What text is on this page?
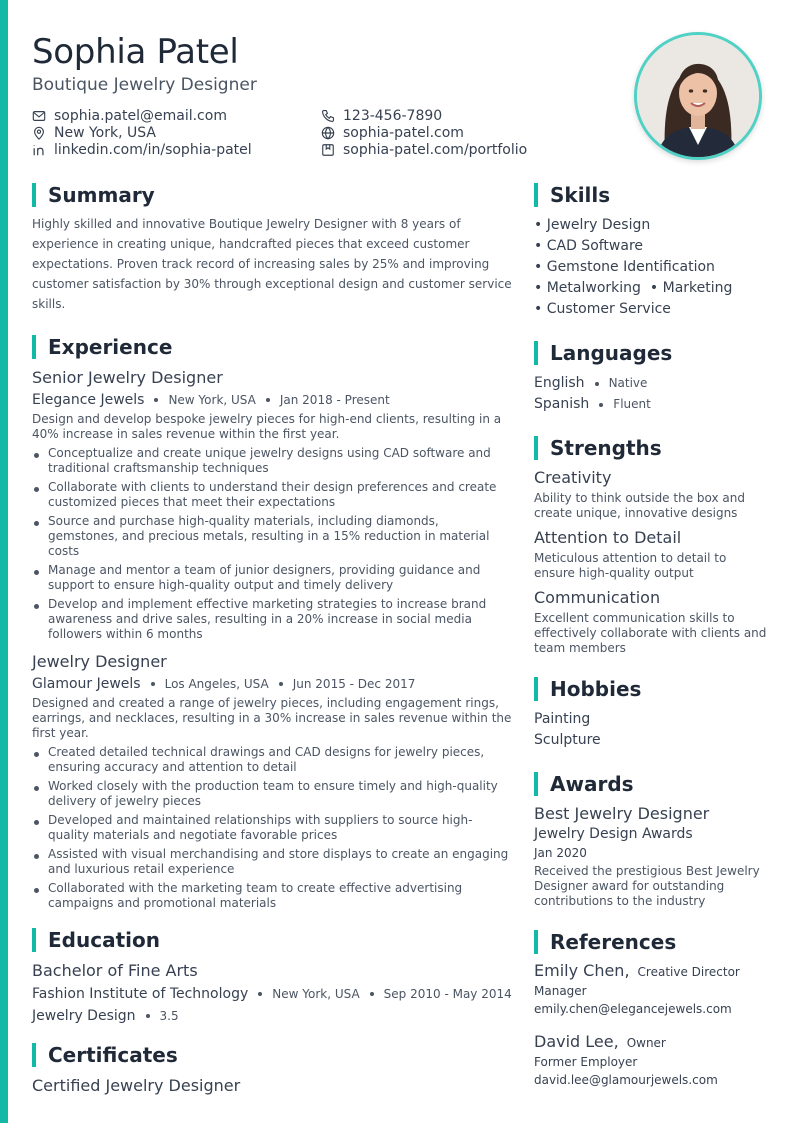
Sophia Patel
Boutique Jewelry Designer
sophia.patel@email.com	123-456-7890
New York, USA	sophia-patel.com
linkedin.com/in/sophia-patel	sophia-patel.com/portfolio
Summary

Highly skilled and innovative Boutique Jewelry Designer with 8 years of experience in creating unique, handcrafted pieces that exceed customer expectations. Proven track record of increasing sales by 25% and improving customer satisfaction by 30% through exceptional design and customer service skills.

Experience
Senior Jewelry Designer
Elegance Jewels New York, USA Jan 2018 - Present

Design and develop bespoke jewelry pieces for high-end clients, resulting in a 40% increase in sales revenue within the first year.

Conceptualize and create unique jewelry designs using CAD software and traditional craftsmanship techniques
Collaborate with clients to understand their design preferences and create customized pieces that meet their expectations
Source and purchase high-quality materials, including diamonds, gemstones, and precious metals, resulting in a 15% reduction in material costs
Manage and mentor a team of junior designers, providing guidance and support to ensure high-quality output and timely delivery
Develop and implement effective marketing strategies to increase brand awareness and drive sales, resulting in a 20% increase in social media followers within 6 months
Jewelry Designer
Glamour Jewels Los Angeles, USA Jun 2015 - Dec 2017

Designed and created a range of jewelry pieces, including engagement rings, earrings, and necklaces, resulting in a 30% increase in sales revenue within the first year.

Created detailed technical drawings and CAD designs for jewelry pieces, ensuring accuracy and attention to detail
Worked closely with the production team to ensure timely and high-quality delivery of jewelry pieces
Developed and maintained relationships with suppliers to source high-quality materials and negotiate favorable prices
Assisted with visual merchandising and store displays to create an engaging and luxurious retail experience
Collaborated with the marketing team to create effective advertising campaigns and promotional materials
Education
Bachelor of Fine Arts
Fashion Institute of Technology New York, USA Sep 2010 - May 2014
Jewelry Design 3.5
Certificates
Certified Jewelry Designer
Skills
• Jewelry Design
• CAD Software
• Gemstone Identification
• Metalworking • Marketing
• Customer Service
Languages
English Native
Spanish Fluent
Strengths
Creativity
Ability to think outside the box and create unique, innovative designs
Attention to Detail
Meticulous attention to detail to ensure high-quality output
Communication
Excellent communication skills to effectively collaborate with clients and team members
Hobbies
Painting
Sculpture
Awards
Best Jewelry Designer
Jewelry Design Awards
Jan 2020
Received the prestigious Best Jewelry Designer award for outstanding contributions to the industry
References
Emily Chen, Creative Director
Manager
emily.chen@elegancejewels.com
David Lee, Owner
Former Employer
david.lee@glamourjewels.com
